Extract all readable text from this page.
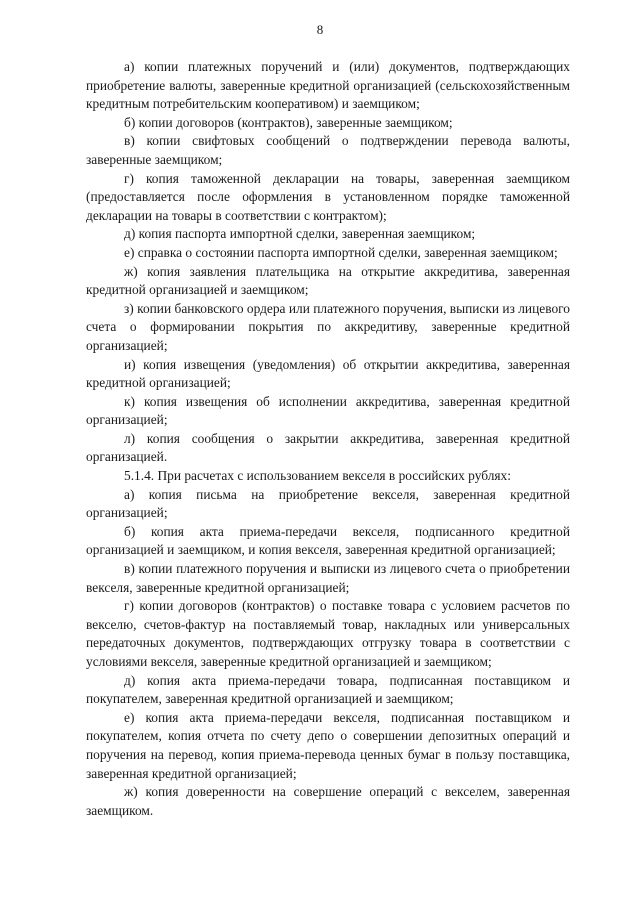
8

а) копии платежных поручений и (или) документов, подтверждающих приобретение валюты, заверенные кредитной организацией (сельскохозяйственным кредитным потребительским кооперативом) и заемщиком;

б) копии договоров (контрактов), заверенные заемщиком;

в) копии свифтовых сообщений о подтверждении перевода валюты, заверенные заемщиком;

г) копия таможенной декларации на товары, заверенная заемщиком (предоставляется после оформления в установленном порядке таможенной декларации на товары в соответствии с контрактом);

д) копия паспорта импортной сделки, заверенная заемщиком;

е) справка о состоянии паспорта импортной сделки, заверенная заемщиком;

ж) копия заявления плательщика на открытие аккредитива, заверенная кредитной организацией и заемщиком;

з) копии банковского ордера или платежного поручения, выписки из лицевого счета о формировании покрытия по аккредитиву, заверенные кредитной организацией;

и) копия извещения (уведомления) об открытии аккредитива, заверенная кредитной организацией;

к) копия извещения об исполнении аккредитива, заверенная кредитной организацией;

л) копия сообщения о закрытии аккредитива, заверенная кредитной организацией.

5.1.4. При расчетах с использованием векселя в российских рублях:

а) копия письма на приобретение векселя, заверенная кредитной организацией;

б) копия акта приема-передачи векселя, подписанного кредитной организацией и заемщиком, и копия векселя, заверенная кредитной организацией;

в) копии платежного поручения и выписки из лицевого счета о приобретении векселя, заверенные кредитной организацией;

г) копии договоров (контрактов) о поставке товара с условием расчетов по векселю, счетов-фактур на поставляемый товар, накладных или универсальных передаточных документов, подтверждающих отгрузку товара в соответствии с условиями векселя, заверенные кредитной организацией и заемщиком;

д) копия акта приема-передачи товара, подписанная поставщиком и покупателем, заверенная кредитной организацией и заемщиком;

е) копия акта приема-передачи векселя, подписанная поставщиком и покупателем, копия отчета по счету депо о совершении депозитных операций и поручения на перевод, копия приема-перевода ценных бумаг в пользу поставщика, заверенная кредитной организацией;

ж) копия доверенности на совершение операций с векселем, заверенная заемщиком.
